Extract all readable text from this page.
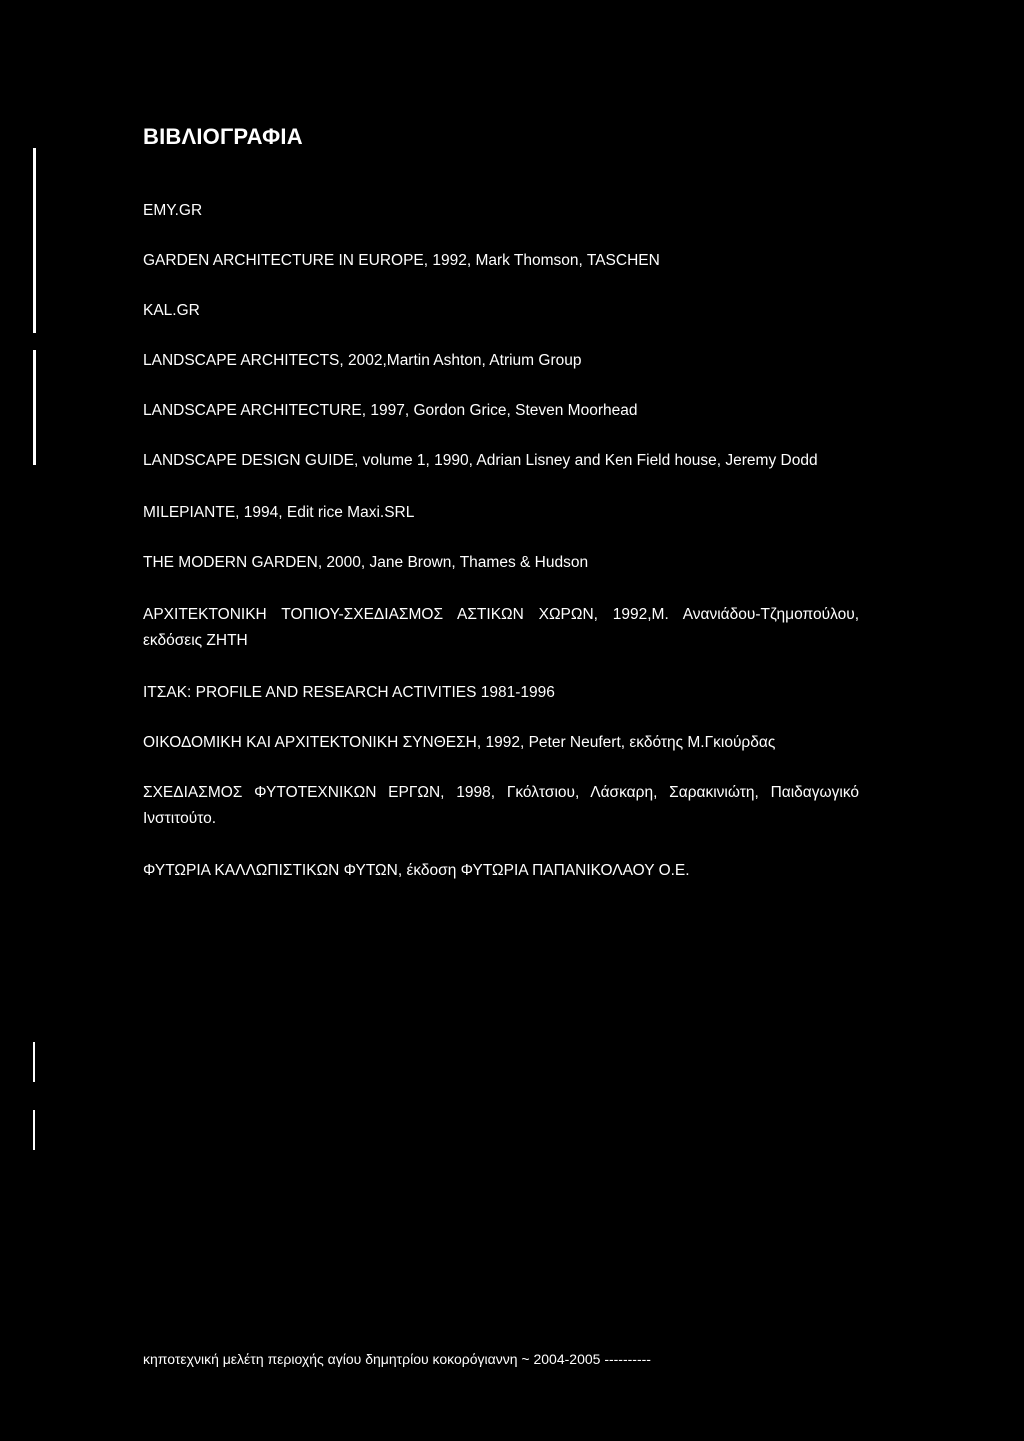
ΒΙΒΛΙΟΓΡΑΦΙΑ
ΕΜΥ.GR
GARDEN ARCHITECTURE IN EUROPE, 1992, Mark Thomson, TASCHEN
KAL.GR
LANDSCAPE ARCHITECTS, 2002,Martin Ashton, Atrium Group
LANDSCAPE ARCHITECTURE, 1997, Gordon Grice, Steven Moorhead
LANDSCAPE DESIGN GUIDE, volume 1, 1990, Adrian Lisney and Ken Field house, Jeremy Dodd
MILEPIANTE, 1994, Edit rice Maxi.SRL
THE MODERN GARDEN, 2000, Jane Brown, Thames & Hudson
ΑΡΧΙΤΕΚΤΟΝΙΚΗ ΤΟΠΙΟΥ-ΣΧΕΔΙΑΣΜΟΣ ΑΣΤΙΚΩΝ ΧΩΡΩΝ, 1992,Μ. Ανανιάδου-Τζημοπούλου, εκδόσεις ΖΗΤΗ
ΙΤΣΑΚ: PROFILE AND RESEARCH ACTIVITIES 1981-1996
ΟΙΚΟΔΟΜΙΚΗ ΚΑΙ ΑΡΧΙΤΕΚΤΟΝΙΚΗ ΣΥΝΘΕΣΗ, 1992, Peter Neufert, εκδότης Μ.Γκιούρδας
ΣΧΕΔΙΑΣΜΟΣ ΦΥΤΟΤΕΧΝΙΚΩΝ ΕΡΓΩΝ, 1998, Γκόλτσιου, Λάσκαρη, Σαρακινιώτη, Παιδαγωγικό Ινστιτούτο.
ΦΥΤΩΡΙΑ ΚΑΛΛΩΠΙΣΤΙΚΩΝ ΦΥΤΩΝ, έκδοση ΦΥΤΩΡΙΑ ΠΑΠΑΝΙΚΟΛΑΟΥ Ο.Ε.

κηποτεχνική μελέτη περιοχής αγίου δημητρίου κοκορόγιαννη ~ 2004-2005 ----------
